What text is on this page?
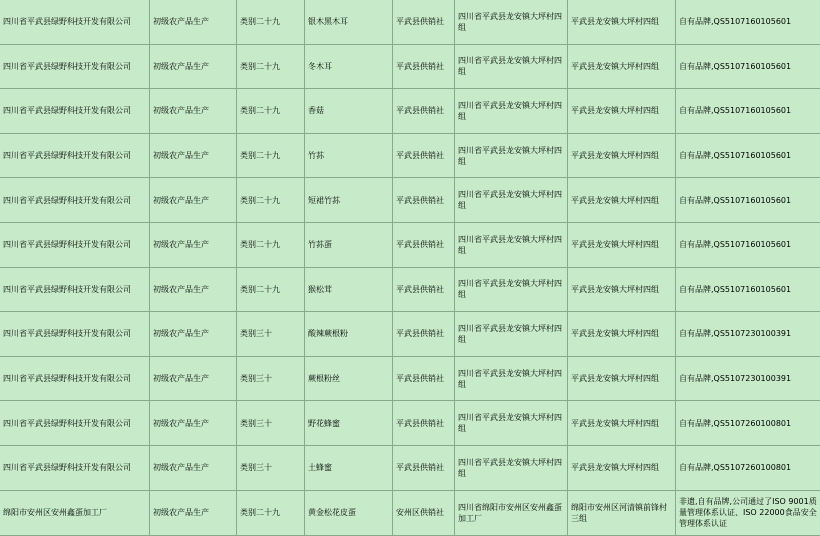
四川省平武县绿野科技开发有限公司	初级农产品生产	类别二十九	银木黑木耳	平武县供销社	四川省平武县龙安镇大坪村四组	平武县龙安镇大坪村四组	自有品牌,QS5107160105601
四川省平武县绿野科技开发有限公司	初级农产品生产	类别二十九	冬木耳	平武县供销社	四川省平武县龙安镇大坪村四组	平武县龙安镇大坪村四组	自有品牌,QS5107160105601
四川省平武县绿野科技开发有限公司	初级农产品生产	类别二十九	香菇	平武县供销社	四川省平武县龙安镇大坪村四组	平武县龙安镇大坪村四组	自有品牌,QS5107160105601
四川省平武县绿野科技开发有限公司	初级农产品生产	类别二十九	竹荪	平武县供销社	四川省平武县龙安镇大坪村四组	平武县龙安镇大坪村四组	自有品牌,QS5107160105601
四川省平武县绿野科技开发有限公司	初级农产品生产	类别二十九	短裙竹荪	平武县供销社	四川省平武县龙安镇大坪村四组	平武县龙安镇大坪村四组	自有品牌,QS5107160105601
四川省平武县绿野科技开发有限公司	初级农产品生产	类别二十九	竹荪蛋	平武县供销社	四川省平武县龙安镇大坪村四组	平武县龙安镇大坪村四组	自有品牌,QS5107160105601
四川省平武县绿野科技开发有限公司	初级农产品生产	类别二十九	猴松茸	平武县供销社	四川省平武县龙安镇大坪村四组	平武县龙安镇大坪村四组	自有品牌,QS5107160105601
四川省平武县绿野科技开发有限公司	初级农产品生产	类别三十	酸辣蕨根粉	平武县供销社	四川省平武县龙安镇大坪村四组	平武县龙安镇大坪村四组	自有品牌,QS5107230100391
四川省平武县绿野科技开发有限公司	初级农产品生产	类别三十	蕨根粉丝	平武县供销社	四川省平武县龙安镇大坪村四组	平武县龙安镇大坪村四组	自有品牌,QS5107230100391
四川省平武县绿野科技开发有限公司	初级农产品生产	类别三十	野花蜂蜜	平武县供销社	四川省平武县龙安镇大坪村四组	平武县龙安镇大坪村四组	自有品牌,QS5107260100801
四川省平武县绿野科技开发有限公司	初级农产品生产	类别三十	土蜂蜜	平武县供销社	四川省平武县龙安镇大坪村四组	平武县龙安镇大坪村四组	自有品牌,QS5107260100801
绵阳市安州区安州鑫蛋加工厂	初级农产品生产	类别二十九	黄金松花皮蛋	安州区供销社	四川省绵阳市安州区安州鑫蛋加工厂	绵阳市安州区河清镇前锋村三组	非遗,自有品牌,公司通过了ISO 9001质量管理体系认证、ISO 22000食品安全管理体系认证
